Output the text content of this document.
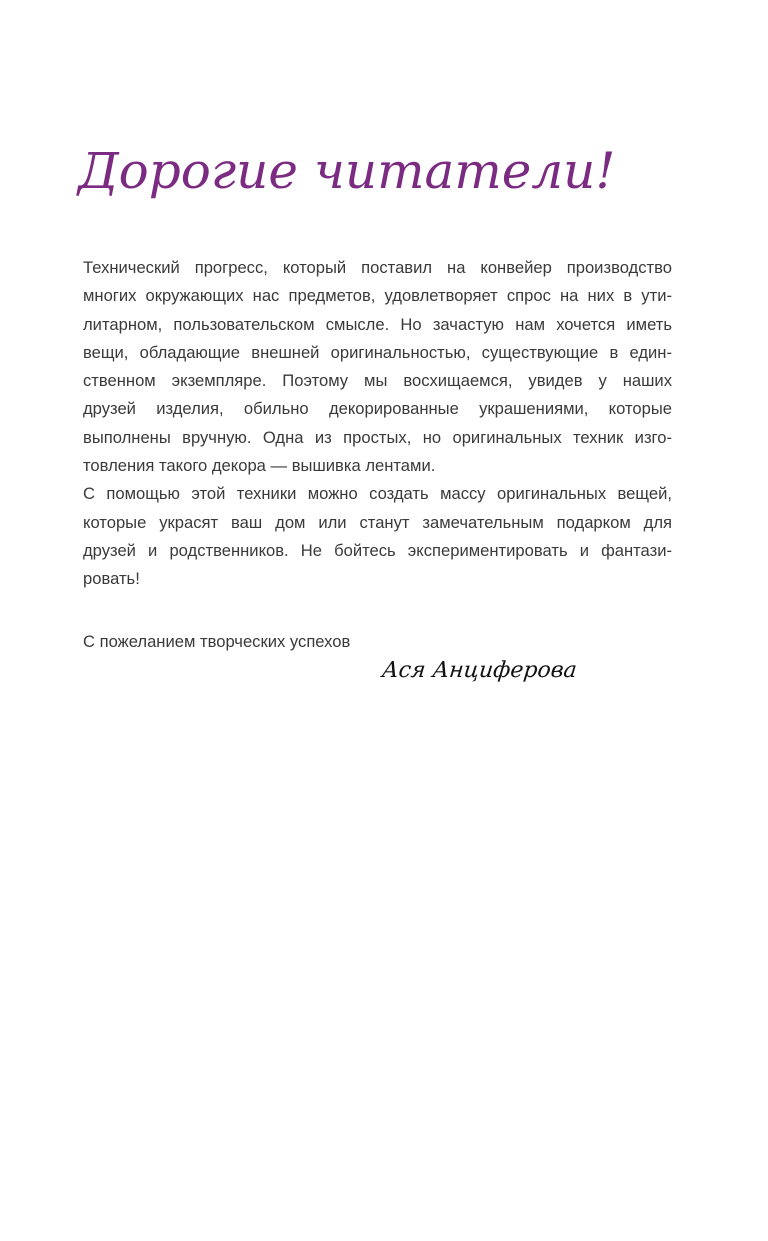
Дорогие читатели!
Технический прогресс, который поставил на конвейер производство
многих окружающих нас предметов, удовлетворяет спрос на них в ути-
литарном, пользовательском смысле. Но зачастую нам хочется иметь
вещи, обладающие внешней оригинальностью, существующие в един-
ственном экземпляре. Поэтому мы восхищаемся, увидев у наших
друзей изделия, обильно декорированные украшениями, которые
выполнены вручную. Одна из простых, но оригинальных техник изго-
товления такого декора — вышивка лентами.
С помощью этой техники можно создать массу оригинальных вещей,
которые украсят ваш дом или станут замечательным подарком для
друзей и родственников. Не бойтесь экспериментировать и фантази-
ровать!
С пожеланием творческих успехов
Ася Анциферова
